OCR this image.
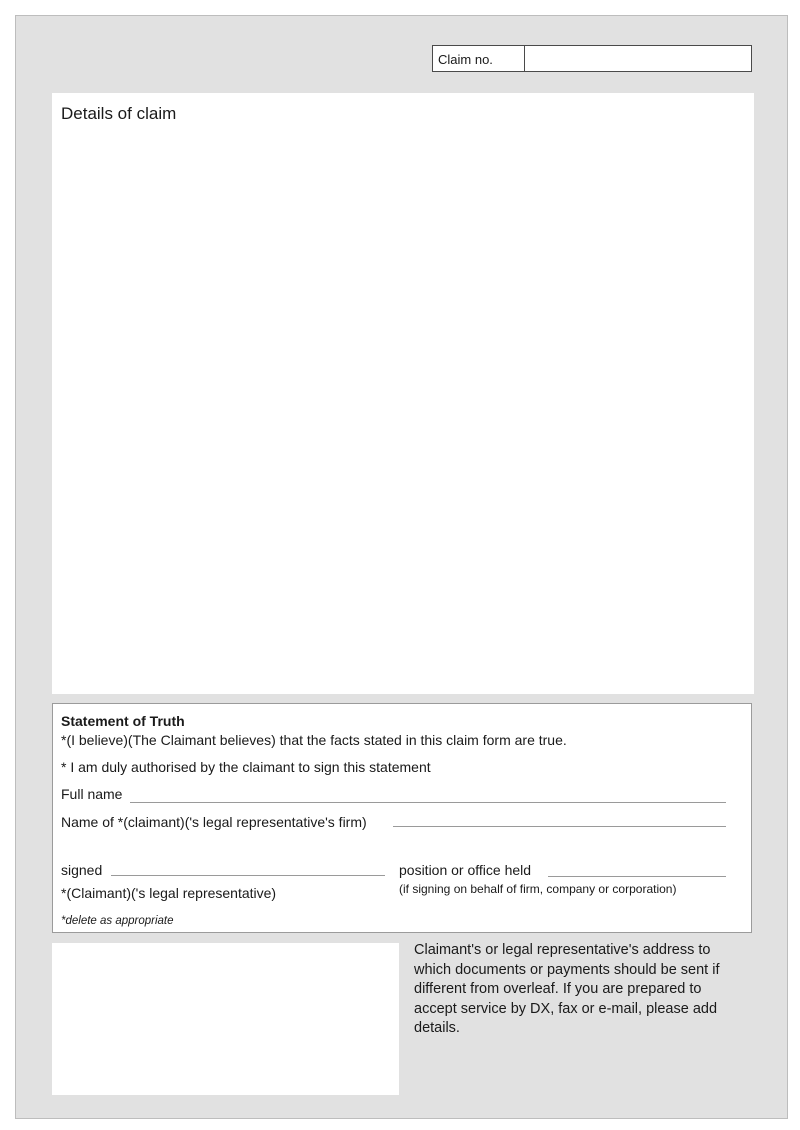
Claim no.
Details of claim
Statement of Truth
*(I believe)(The Claimant believes) that the facts stated in this claim form are true.
* I am duly authorised by the claimant to sign this statement
Full name
Name of *(claimant)('s legal representative's firm)
signed
*(Claimant)('s legal representative)
position or office held
(if signing on behalf of firm, company or corporation)
*delete as appropriate
Claimant's or legal representative's address to which documents or payments should be sent if different from overleaf. If you are prepared to accept service by DX, fax or e-mail, please add details.
